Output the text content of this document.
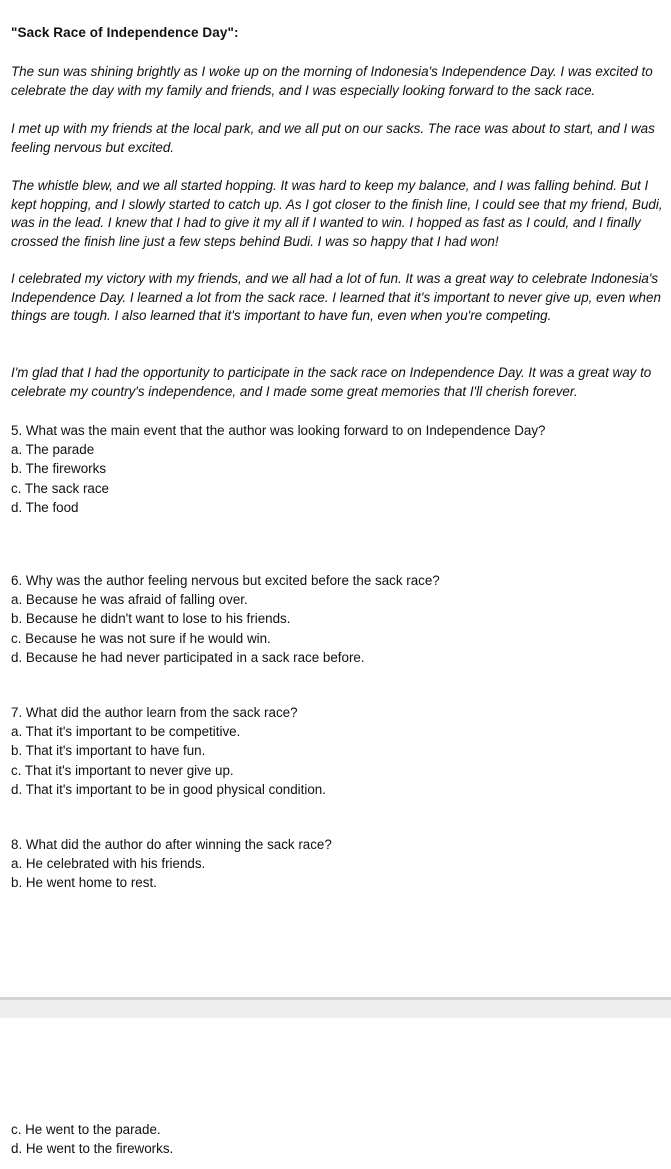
"Sack Race of Independence Day":

The sun was shining brightly as I woke up on the morning of Indonesia's Independence Day. I was excited to celebrate the day with my family and friends, and I was especially looking forward to the sack race.

I met up with my friends at the local park, and we all put on our sacks. The race was about to start, and I was feeling nervous but excited.

The whistle blew, and we all started hopping. It was hard to keep my balance, and I was falling behind. But I kept hopping, and I slowly started to catch up. As I got closer to the finish line, I could see that my friend, Budi, was in the lead. I knew that I had to give it my all if I wanted to win. I hopped as fast as I could, and I finally crossed the finish line just a few steps behind Budi. I was so happy that I had won!

I celebrated my victory with my friends, and we all had a lot of fun. It was a great way to celebrate Indonesia's Independence Day. I learned a lot from the sack race. I learned that it's important to never give up, even when things are tough. I also learned that it's important to have fun, even when you're competing.

I'm glad that I had the opportunity to participate in the sack race on Independence Day. It was a great way to celebrate my country's independence, and I made some great memories that I'll cherish forever.

5. What was the main event that the author was looking forward to on Independence Day?
a. The parade
b. The fireworks
c. The sack race
d. The food
6. Why was the author feeling nervous but excited before the sack race?
a. Because he was afraid of falling over.
b. Because he didn't want to lose to his friends.
c. Because he was not sure if he would win.
d. Because he had never participated in a sack race before.
7. What did the author learn from the sack race?
a. That it's important to be competitive.
b. That it's important to have fun.
c. That it's important to never give up.
d. That it's important to be in good physical condition.
8. What did the author do after winning the sack race?
a. He celebrated with his friends.
b. He went home to rest.
c. He went to the parade.
d. He went to the fireworks.
